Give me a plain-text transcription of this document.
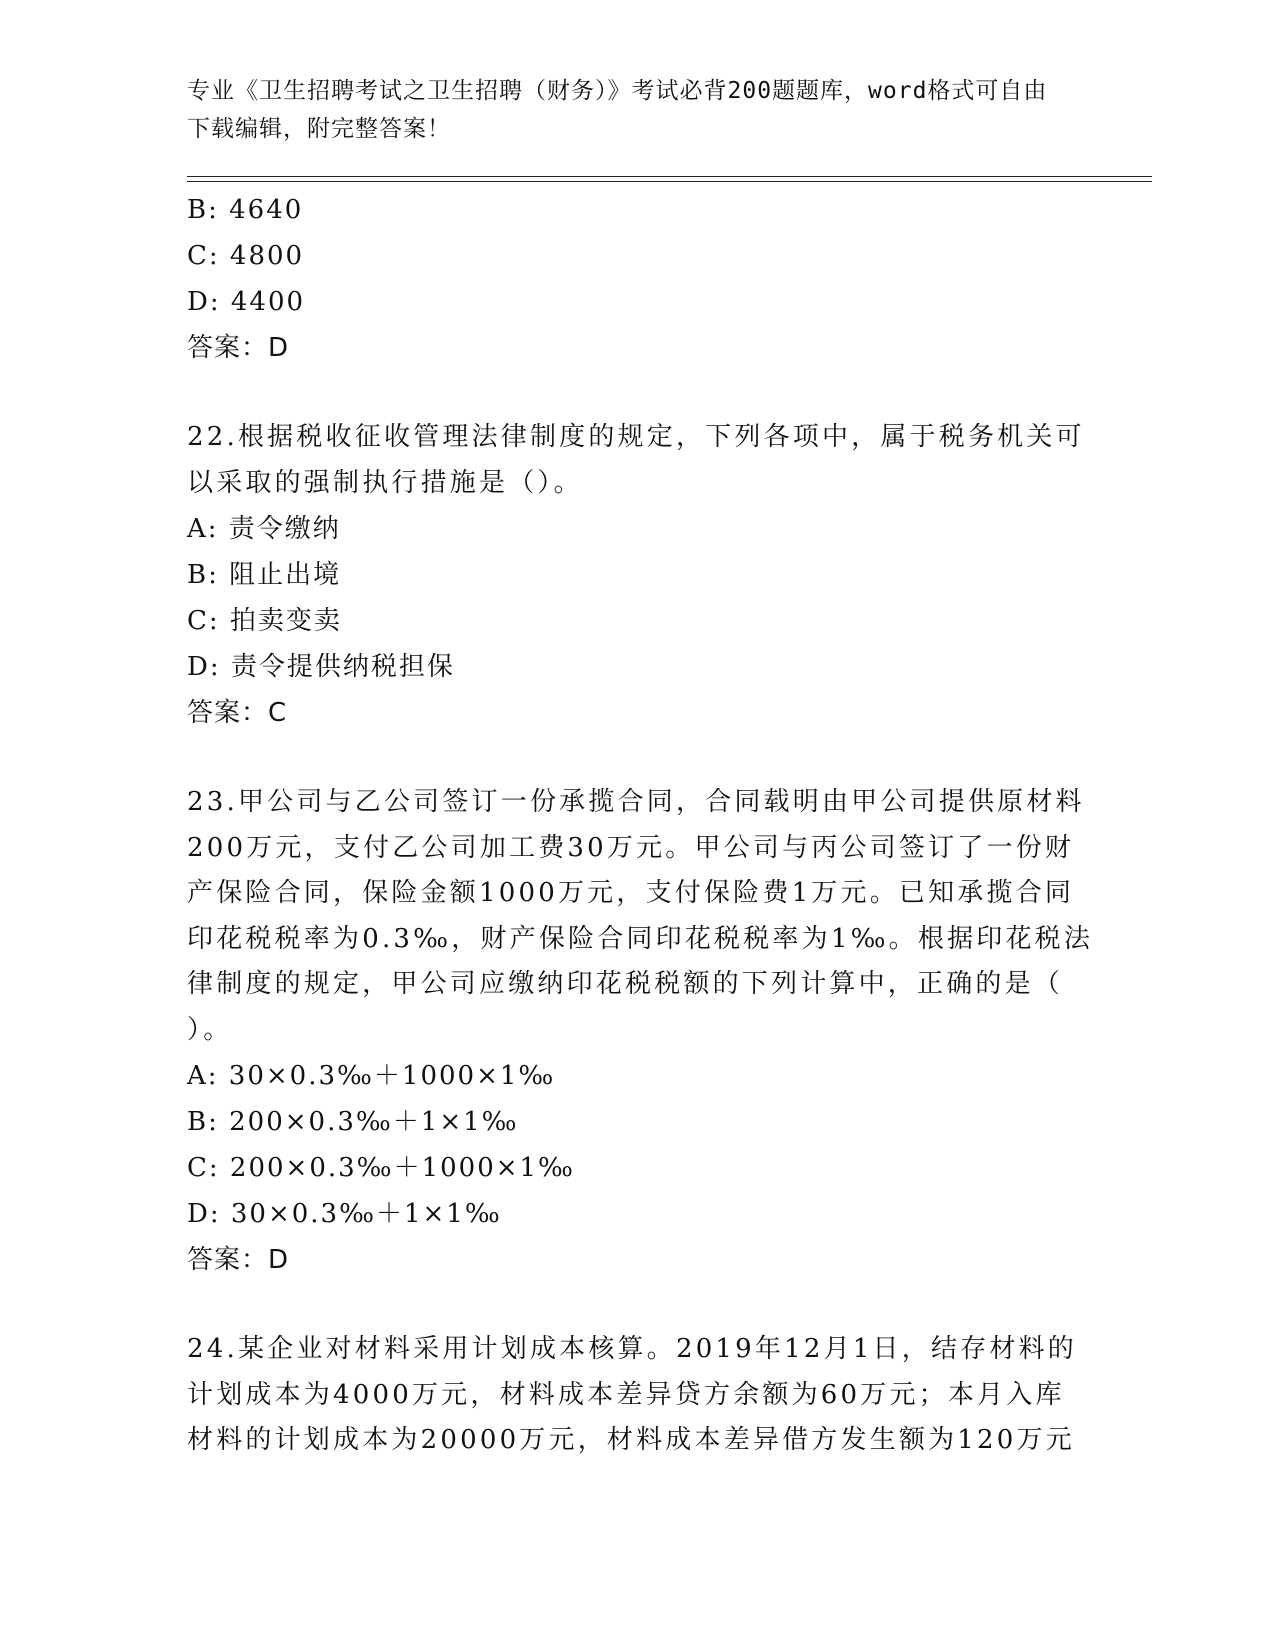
专业《卫生招聘考试之卫生招聘（财务）》考试必背200题题库，word格式可自由下载编辑，附完整答案！
B: 4640
C: 4800
D: 4400
答案：D
22.根据税收征收管理法律制度的规定，下列各项中，属于税务机关可
以采取的强制执行措施是（）。
A: 责令缴纳
B: 阻止出境
C: 拍卖变卖
D: 责令提供纳税担保
答案：C
23.甲公司与乙公司签订一份承揽合同，合同载明由甲公司提供原材料
200万元，支付乙公司加工费30万元。甲公司与丙公司签订了一份财
产保险合同，保险金额1000万元，支付保险费1万元。已知承揽合同
印花税税率为0.3‰，财产保险合同印花税税率为1‰。根据印花税法
律制度的规定，甲公司应缴纳印花税税额的下列计算中，正确的是（
）。
A: 30×0.3‰＋1000×1‰
B: 200×0.3‰＋1×1‰
C: 200×0.3‰＋1000×1‰
D: 30×0.3‰＋1×1‰
答案：D
24.某企业对材料采用计划成本核算。2019年12月1日，结存材料的
计划成本为4000万元，材料成本差异贷方余额为60万元；本月入库
材料的计划成本为20000万元，材料成本差异借方发生额为120万元
